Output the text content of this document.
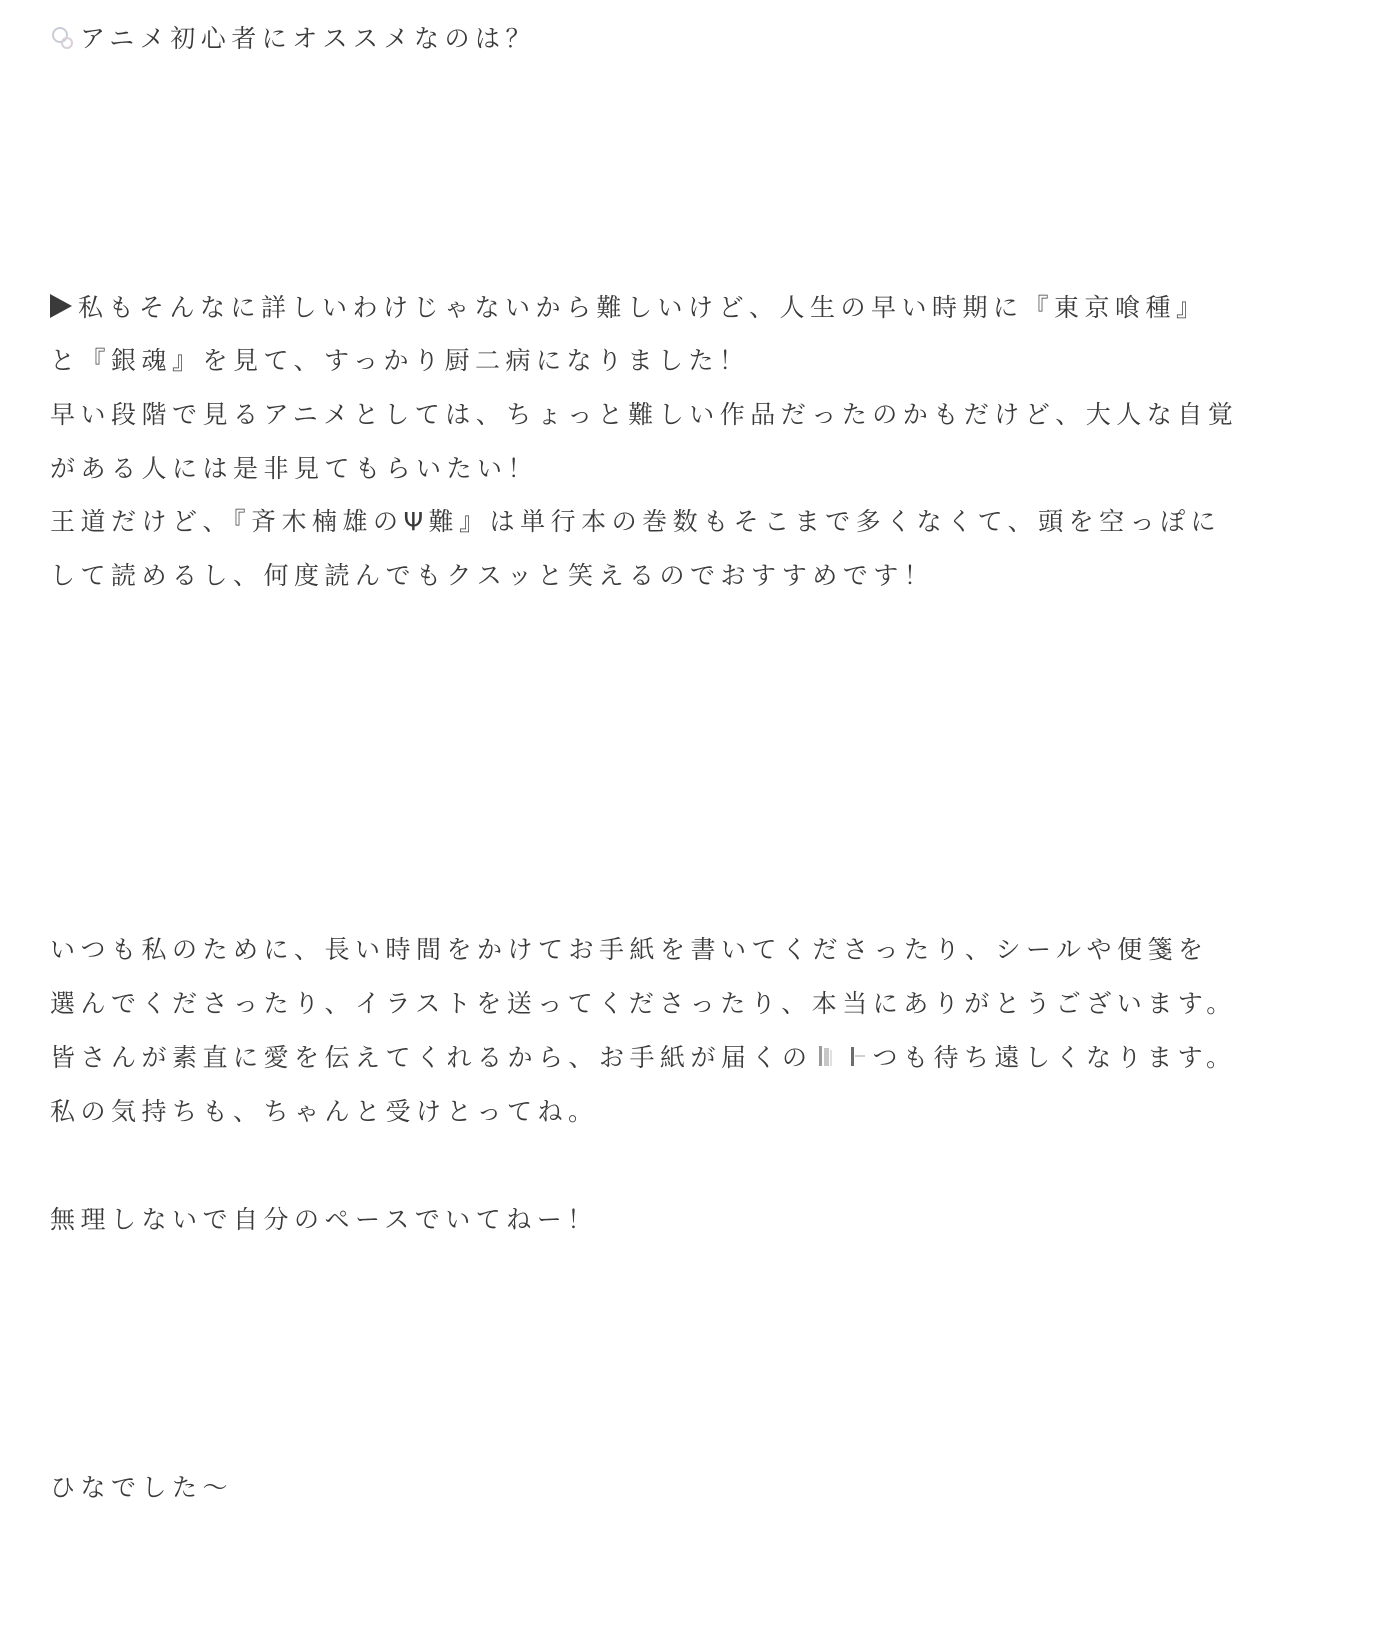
アニメ初心者にオススメなのは？

私もそんなに詳しいわけじゃないから難しいけど、人生の早い時期に『東京喰種』

と『銀魂』を見て、すっかり厨二病になりました！

早い段階で見るアニメとしては、ちょっと難しい作品だったのかもだけど、大人な自覚

がある人には是非見てもらいたい！

王道だけど、『斉木楠雄のΨ難』は単行本の巻数もそこまで多くなくて、頭を空っぽに

して読めるし、何度読んでもクスッと笑えるのでおすすめです！

いつも私のために、長い時間をかけてお手紙を書いてくださったり、シールや便箋を

選んでくださったり、イラストを送ってくださったり、本当にありがとうございます。

皆さんが素直に愛を伝えてくれるから、お手紙が届くの つも待ち遠しくなります。

私の気持ちも、ちゃんと受けとってね。

無理しないで自分のペースでいてねー！

ひなでした〜
